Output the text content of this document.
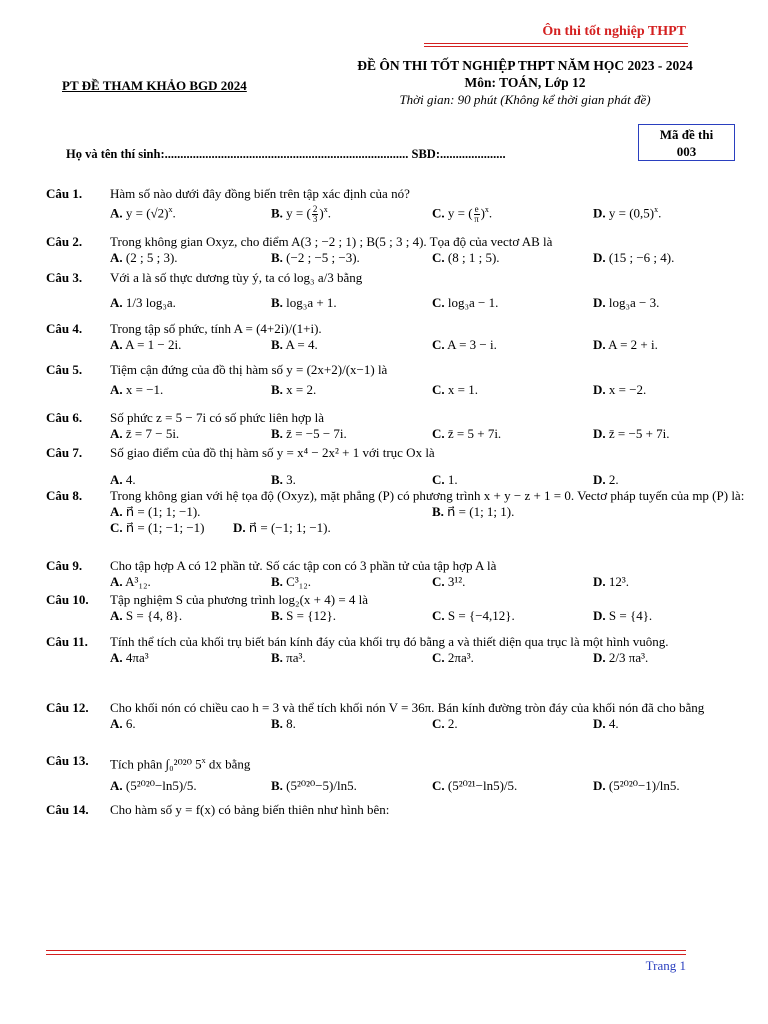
Ôn thi tốt nghiệp THPT
PT ĐỀ THAM KHẢO BGD 2024
ĐỀ ÔN THI TỐT NGHIỆP THPT NĂM HỌC 2023 - 2024
Môn: TOÁN, Lớp 12
Thời gian: 90 phút (Không kể thời gian phát đề)
Họ và tên thí sinh:.............................................................................. SBD:.....................
Mã đề thi
003
Câu 1.	Hàm số nào dưới đây đồng biến trên tập xác định của nó?
A. $y = (√2)^x$.	B. y = ( $\frac{2}{3} )^x$.	C. y = ( $\frac{e}{\pi} )^x$.	D. $y = (0,5)^x$.
Câu 2.	Trong không gian Oxyz, cho điểm A(3 ; −2 ; 1) ; B(5 ; 3 ; 4). Tọa độ của vectơ AB là
A. (2 ; 5 ; 3).	B. (−2 ; −5 ; −3).	C. (8 ; 1 ; 5).	D. (15 ; −6 ; 4).
Câu 3.	Với a là số thực dương tùy ý, ta có log₃ a/3 bằng
A. 1/3 log₃a.	B. log₃a + 1.	C. log₃a − 1.	D. log₃a − 3.
Câu 4.	Trong tập số phức, tính A = (4+2i)/(1+i).
A. A = 1 − 2i.	B. A = 4.	C. A = 3 − i.	D. A = 2 + i.
Câu 5.	Tiệm cận đứng của đồ thị hàm số y = (2x+2)/(x−1) là
A. x = −1.	B. x = 2.	C. x = 1.	D. x = −2.
Câu 6.	Số phức z = 5 − 7i có số phức liên hợp là
A. z̄ = 7 − 5i.	B. z̄ = −5 − 7i.	C. z̄ = 5 + 7i.	D. z̄ = −5 + 7i.
Câu 7.	Số giao điểm của đồ thị hàm số y = x⁴ − 2x² + 1 với trục Ox là
A. 4.	B. 3.	C. 1.	D. 2.
Câu 8.	Trong không gian với hệ tọa độ (Oxyz), mặt phẳng (P) có phương trình x + y − z + 1 = 0. Vectơ pháp tuyến của mp (P) là:
A. n⃗ = (1; 1; −1).	B. n⃗ = (1; 1; 1).
C. n⃗ = (1; −1; −1) D. n⃗ = (−1; 1; −1).
Câu 9.	Cho tập hợp A có 12 phần tử. Số các tập con có 3 phần tử của tập hợp A là
A. A³₁₂.	B. C³₁₂.	C. 3¹².	D. 12³.
Câu 10.	Tập nghiệm S của phương trình log₂(x + 4) = 4 là
A. S = {4, 8}.	B. S = {12}.	C. S = {−4,12}.	D. S = {4}.
Câu 11.	Tính thể tích của khối trụ biết bán kính đáy của khối trụ đó bằng a và thiết diện qua trục là một hình vuông.
A. 4πa³	B. πa³.	C. 2πa³.	D. 2/3 πa³.
Câu 12.	Cho khối nón có chiều cao h = 3 và thể tích khối nón V = 36π. Bán kính đường tròn đáy của khối nón đã cho bằng
A. 6.	B. 8.	C. 2.	D. 4.
Câu 13.	Tích phân ∫₀²⁰²⁰ 5$^x$ dx bằng
A. (5²⁰²⁰−ln5)/5.	B. (5²⁰²⁰−5)/ln5.	C. (5²⁰²¹−ln5)/5.	D. (5²⁰²⁰−1)/ln5.
Câu 14.	Cho hàm số y = f(x) có bảng biến thiên như hình bên:
Trang 1
